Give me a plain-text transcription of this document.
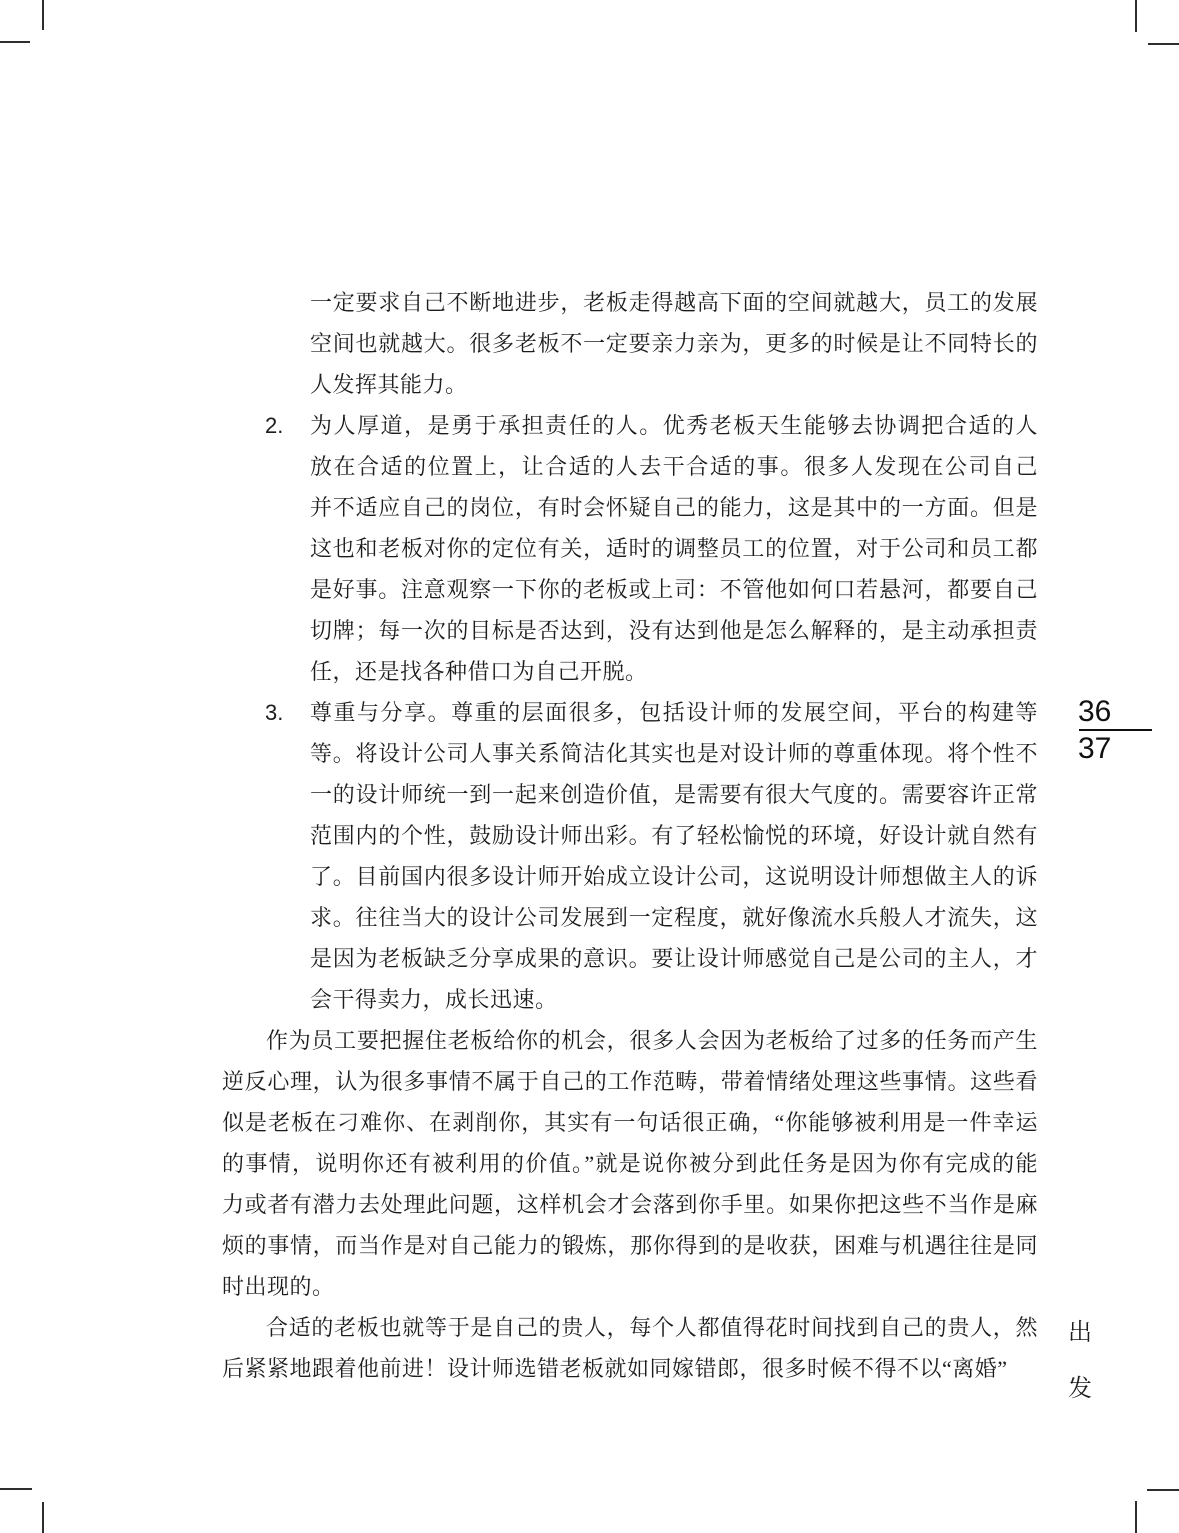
一定要求自己不断地进步，老板走得越高下面的空间就越大，员工的发展
空间也就越大。很多老板不一定要亲力亲为，更多的时候是让不同特长的
人发挥其能力。
2. 为人厚道，是勇于承担责任的人。优秀老板天生能够去协调把合适的人
放在合适的位置上，让合适的人去干合适的事。很多人发现在公司自己
并不适应自己的岗位，有时会怀疑自己的能力，这是其中的一方面。但是
这也和老板对你的定位有关，适时的调整员工的位置，对于公司和员工都
是好事。注意观察一下你的老板或上司：不管他如何口若悬河，都要自己
切牌；每一次的目标是否达到，没有达到他是怎么解释的，是主动承担责
任，还是找各种借口为自己开脱。
3. 尊重与分享。尊重的层面很多，包括设计师的发展空间，平台的构建等
等。将设计公司人事关系简洁化其实也是对设计师的尊重体现。将个性不
一的设计师统一到一起来创造价值，是需要有很大气度的。需要容许正常
范围内的个性，鼓励设计师出彩。有了轻松愉悦的环境，好设计就自然有
了。目前国内很多设计师开始成立设计公司，这说明设计师想做主人的诉
求。往往当大的设计公司发展到一定程度，就好像流水兵般人才流失，这
是因为老板缺乏分享成果的意识。要让设计师感觉自己是公司的主人，才
会干得卖力，成长迅速。
作为员工要把握住老板给你的机会，很多人会因为老板给了过多的任务而产生
逆反心理，认为很多事情不属于自己的工作范畴，带着情绪处理这些事情。这些看
似是老板在刁难你、在剥削你，其实有一句话很正确，“你能够被利用是一件幸运
的事情，说明你还有被利用的价值。”就是说你被分到此任务是因为你有完成的能
力或者有潜力去处理此问题，这样机会才会落到你手里。如果你把这些不当作是麻
烦的事情，而当作是对自己能力的锻炼，那你得到的是收获，困难与机遇往往是同
时出现的。
合适的老板也就等于是自己的贵人，每个人都值得花时间找到自己的贵人，然
后紧紧地跟着他前进！设计师选错老板就如同嫁错郎，很多时候不得不以“离婚”
36
37
出
发
